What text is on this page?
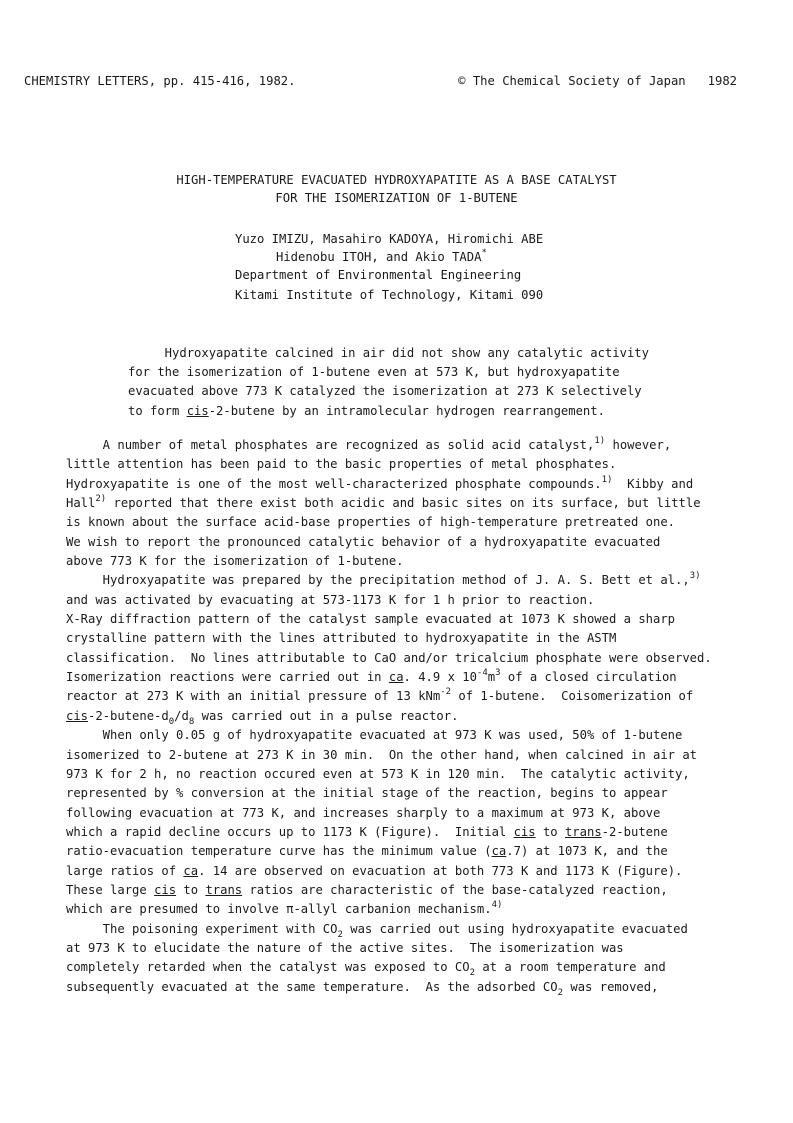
CHEMISTRY LETTERS, pp. 415-416, 1982.	© The Chemical Society of Japan   1982
HIGH-TEMPERATURE EVACUATED HYDROXYAPATITE AS A BASE CATALYST
FOR THE ISOMERIZATION OF 1-BUTENE
Yuzo IMIZU, Masahiro KADOYA, Hiromichi ABE
Hidenobu ITOH, and Akio TADA*
Department of Environmental Engineering
Kitami Institute of Technology, Kitami 090
Hydroxyapatite calcined in air did not show any catalytic activity
for the isomerization of 1-butene even at 573 K, but hydroxyapatite
evacuated above 773 K catalyzed the isomerization at 273 K selectively
to form cis-2-butene by an intramolecular hydrogen rearrangement.
A number of metal phosphates are recognized as solid acid catalyst,$^{1)}$ however,
little attention has been paid to the basic properties of metal phosphates.
Hydroxyapatite is one of the most well-characterized phosphate compounds.$^{1)}$  Kibby and
Hall$^{2)}$ reported that there exist both acidic and basic sites on its surface, but little
is known about the surface acid-base properties of high-temperature pretreated one.
We wish to report the pronounced catalytic behavior of a hydroxyapatite evacuated
above 773 K for the isomerization of 1-butene.
Hydroxyapatite was prepared by the precipitation method of J. A. S. Bett et al.,$^{3)}$
and was activated by evacuating at 573-1173 K for 1 h prior to reaction.
X-Ray diffraction pattern of the catalyst sample evacuated at 1073 K showed a sharp
crystalline pattern with the lines attributed to hydroxyapatite in the ASTM
classification.  No lines attributable to CaO and/or tricalcium phosphate were observed.
Isomerization reactions were carried out in ca. 4.9 x $10^{-4}m^3$ of a closed circulation
reactor at 273 K with an initial pressure of 13 kNm$^{-2}$ of 1-butene.  Coisomerization of
cis-$2-butene-d_0/d_8$ was carried out in a pulse reactor.
When only 0.05 g of hydroxyapatite evacuated at 973 K was used, 50% of 1-butene
isomerized to 2-butene at 273 K in 30 min.  On the other hand, when calcined in air at
973 K for 2 h, no reaction occured even at 573 K in 120 min.  The catalytic activity,
represented by % conversion at the initial stage of the reaction, begins to appear
following evacuation at 773 K, and increases sharply to a maximum at 973 K, above
which a rapid decline occurs up to 1173 K (Figure).  Initial cis to trans-2-butene
ratio-evacuation temperature curve has the minimum value (ca.7) at 1073 K, and the
large ratios of ca. 14 are observed on evacuation at both 773 K and 1173 K (Figure).
These large cis to trans ratios are characteristic of the base-catalyzed reaction,
which are presumed to involve π-allyl carbanion mechanism.$^{4)}$
The poisoning experiment with $CO_2$ was carried out using hydroxyapatite evacuated
at 973 K to elucidate the nature of the active sites.  The isomerization was
completely retarded when the catalyst was exposed to $CO_2$ at a room temperature and
subsequently evacuated at the same temperature.  As the adsorbed $CO_2$ was removed,
